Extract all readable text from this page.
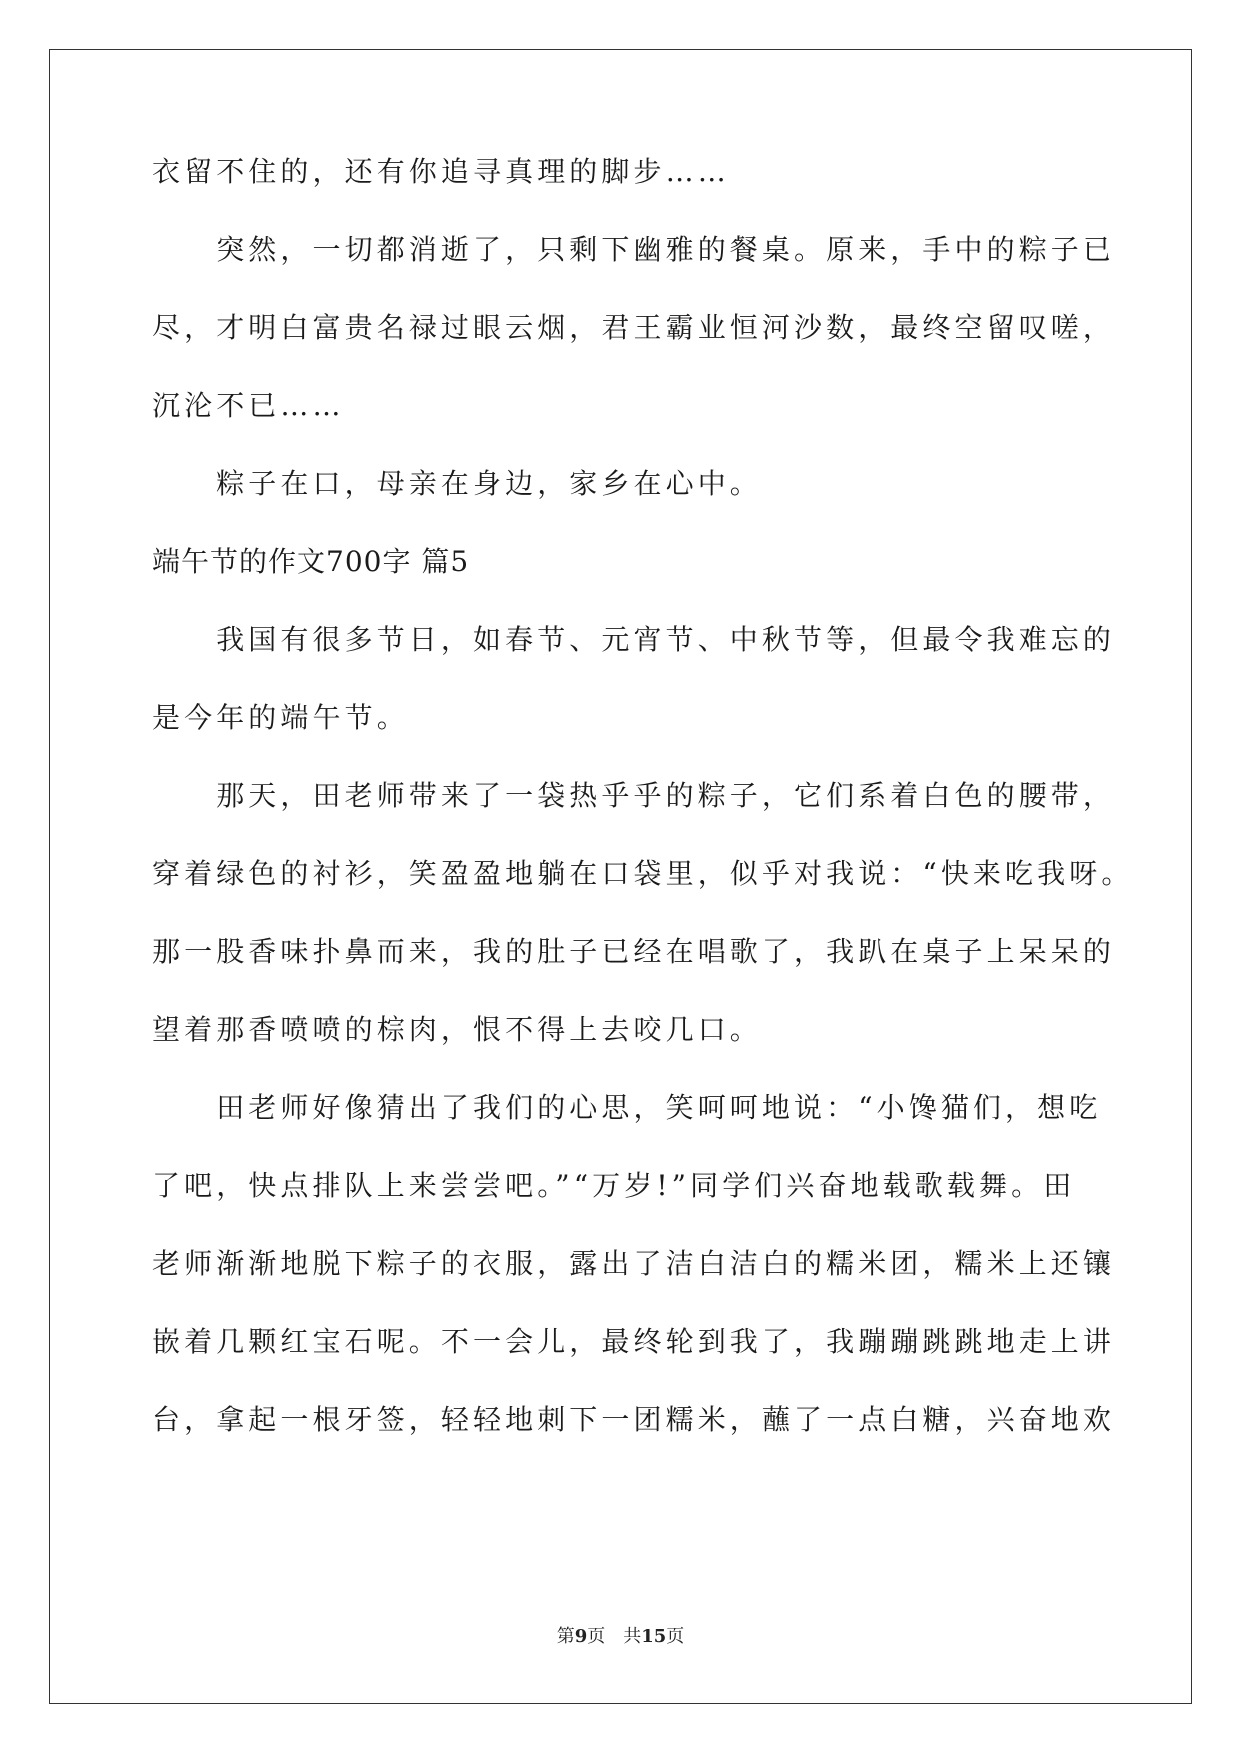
衣留不住的，还有你追寻真理的脚步……
　　突然，一切都消逝了，只剩下幽雅的餐桌。原来，手中的粽子已
尽，才明白富贵名禄过眼云烟，君王霸业恒河沙数，最终空留叹嗟，
沉沦不已……
　　粽子在口，母亲在身边，家乡在心中。
端午节的作文700字 篇5
　　我国有很多节日，如春节、元宵节、中秋节等，但最令我难忘的
是今年的端午节。
　　那天，田老师带来了一袋热乎乎的粽子，它们系着白色的腰带，
穿着绿色的衬衫，笑盈盈地躺在口袋里，似乎对我说：“快来吃我呀。
那一股香味扑鼻而来，我的肚子已经在唱歌了，我趴在桌子上呆呆的
望着那香喷喷的棕肉，恨不得上去咬几口。
　　田老师好像猜出了我们的心思，笑呵呵地说：“小馋猫们，想吃
了吧，快点排队上来尝尝吧。”“万岁!”同学们兴奋地载歌载舞。田
老师渐渐地脱下粽子的衣服，露出了洁白洁白的糯米团，糯米上还镶
嵌着几颗红宝石呢。不一会儿，最终轮到我了，我蹦蹦跳跳地走上讲
台，拿起一根牙签，轻轻地刺下一团糯米，蘸了一点白糖，兴奋地欢
第9页　共15页
